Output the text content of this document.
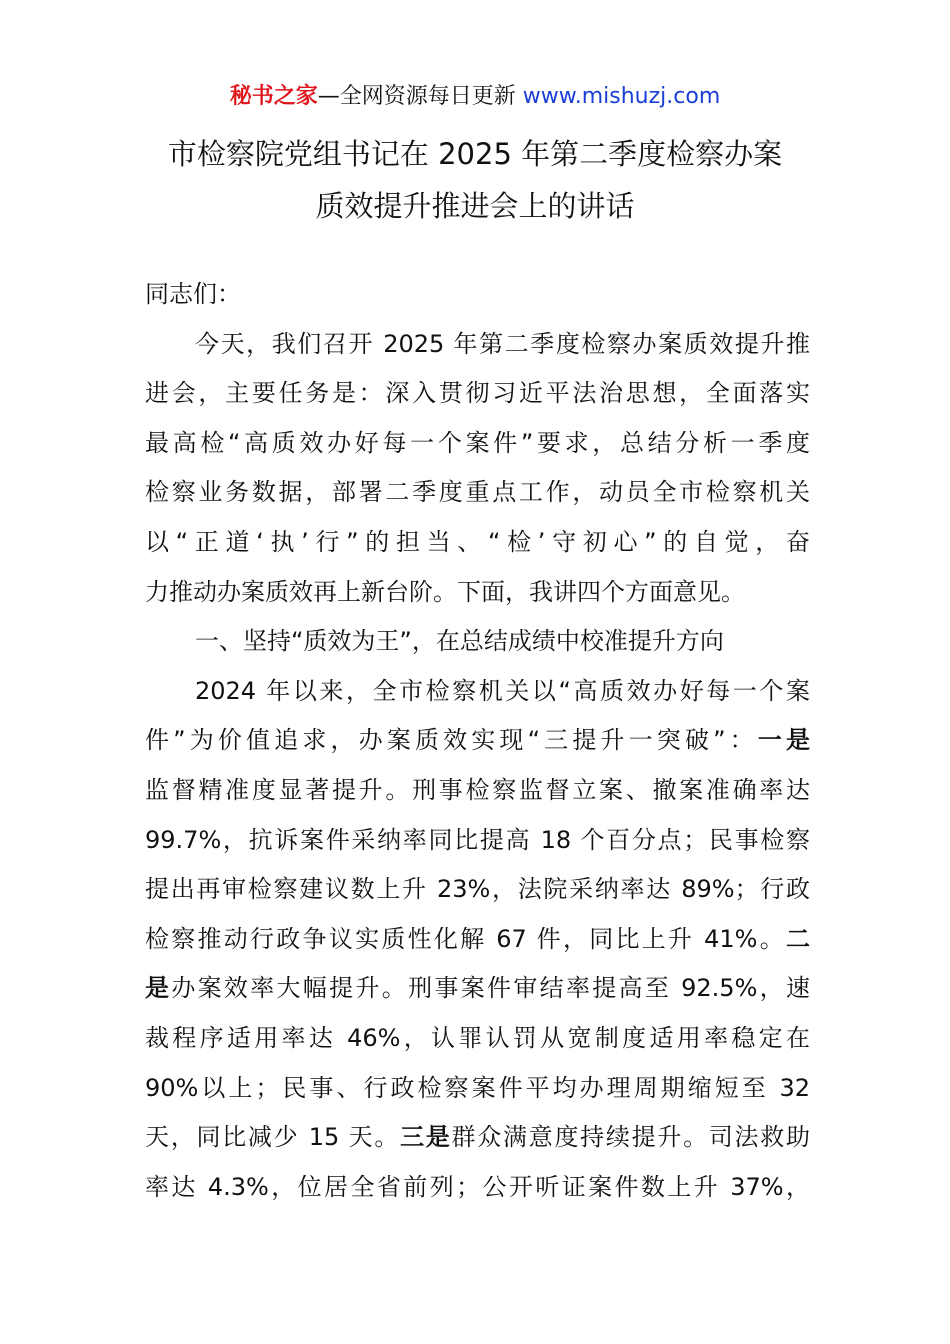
秘书之家—全网资源每日更新 www.mishuzj.com
市检察院党组书记在 2025 年第二季度检察办案
质效提升推进会上的讲话
同志们：
今天，我们召开 2025 年第二季度检察办案质效提升推
进会，主要任务是：深入贯彻习近平法治思想，全面落实
最高检“高质效办好每一个案件”要求，总结分析一季度
检察业务数据，部署二季度重点工作，动员全市检察机关
以“正道‘执’行”的担当、“检’守初心”的自觉，奋
力推动办案质效再上新台阶。下面，我讲四个方面意见。
一、坚持“质效为王”，在总结成绩中校准提升方向
2024 年以来，全市检察机关以“高质效办好每一个案
件”为价值追求，办案质效实现“三提升一突破”：一是
监督精准度显著提升。刑事检察监督立案、撤案准确率达
99.7%，抗诉案件采纳率同比提高 18 个百分点；民事检察
提出再审检察建议数上升 23%，法院采纳率达 89%；行政
检察推动行政争议实质性化解 67 件，同比上升 41%。二
是办案效率大幅提升。刑事案件审结率提高至 92.5%，速
裁程序适用率达 46%，认罪认罚从宽制度适用率稳定在
90%以上；民事、行政检察案件平均办理周期缩短至 32
天，同比减少 15 天。三是群众满意度持续提升。司法救助
率达 4.3%，位居全省前列；公开听证案件数上升 37%，
